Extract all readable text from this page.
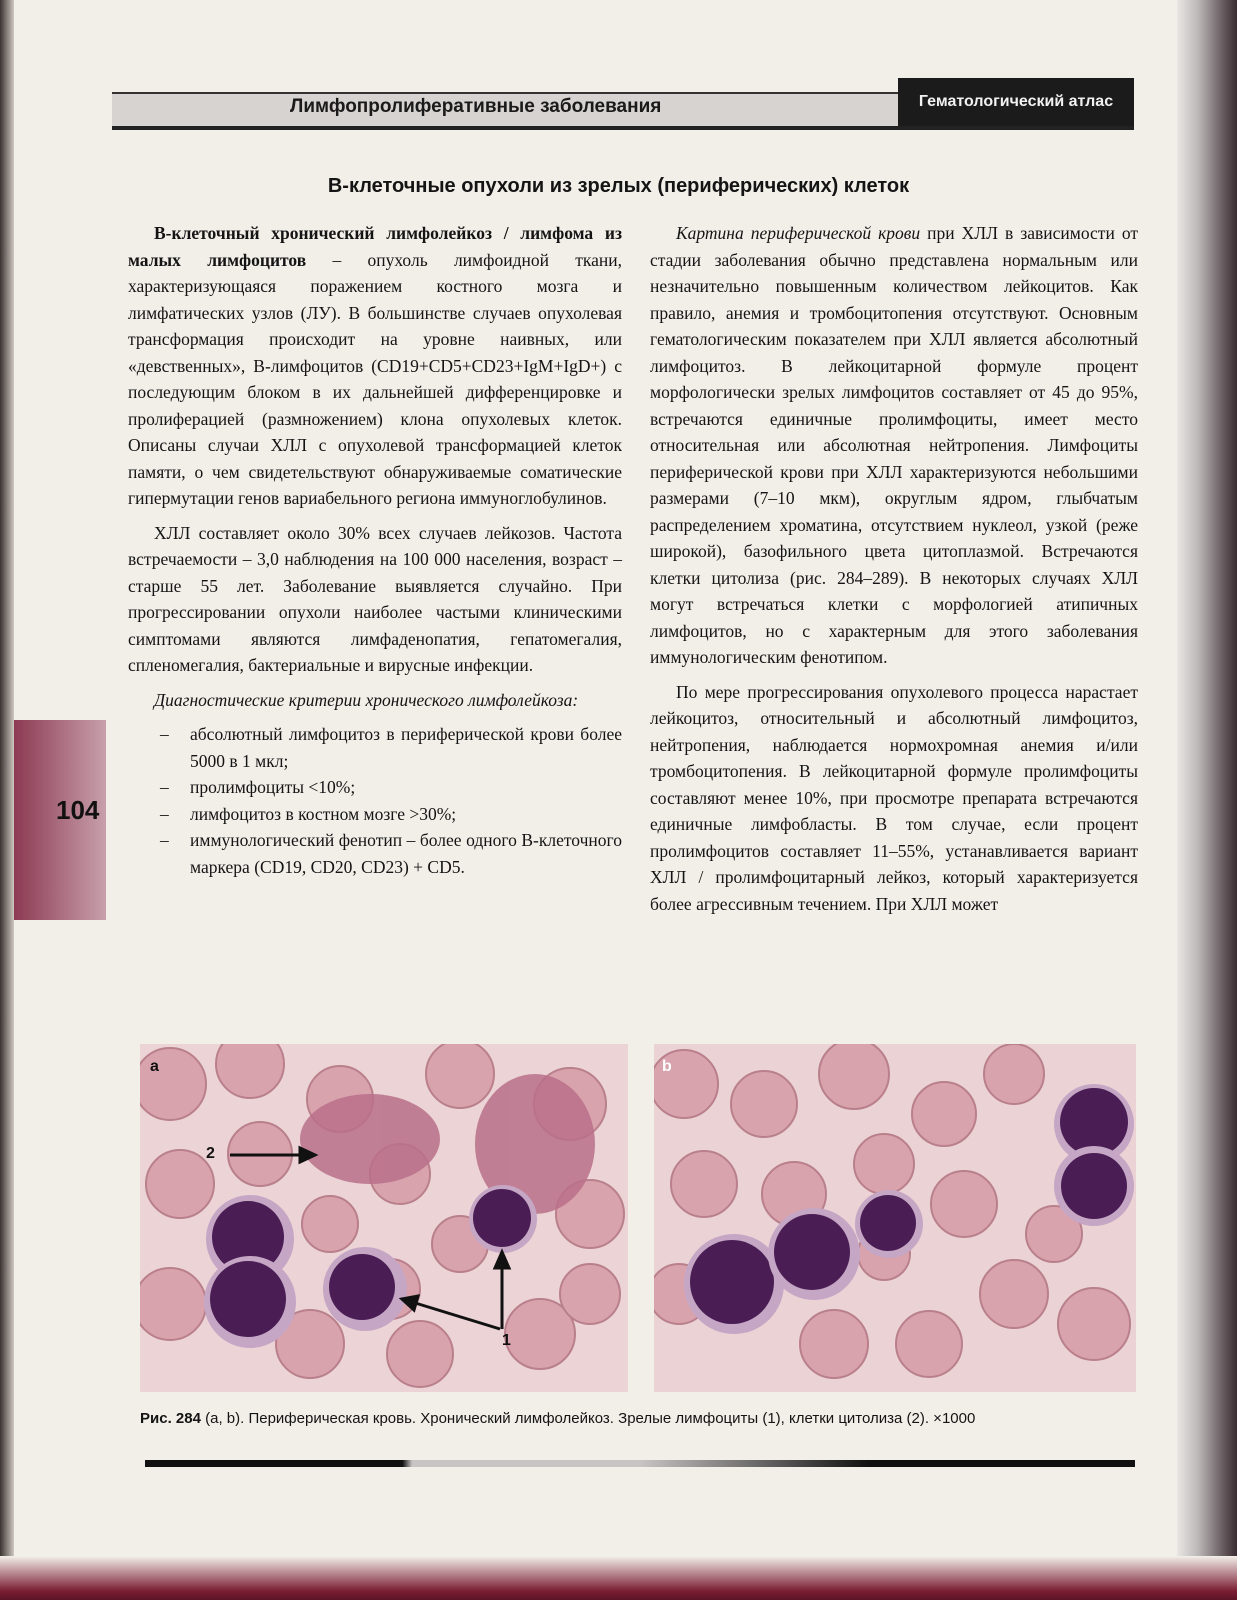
Лимфопролиферативные заболевания	Гематологический атлас
В-клеточные опухоли из зрелых (периферических) клеток

В-клеточный хронический лимфолейкоз / лимфома из малых лимфоцитов – опухоль лимфоидной ткани, характеризующаяся поражением костного мозга и лимфатических узлов (ЛУ). В большинстве случаев опухолевая трансформация происходит на уровне наивных, или «девственных», В-лимфоцитов (CD19+CD5+CD23+IgM+IgD+) с последующим блоком в их дальнейшей дифференцировке и пролиферацией (размножением) клона опухолевых клеток. Описаны случаи ХЛЛ с опухолевой трансформацией клеток памяти, о чем свидетельствуют обнаруживаемые соматические гипермутации генов вариабельного региона иммуноглобулинов.

ХЛЛ составляет около 30% всех случаев лейкозов. Частота встречаемости – 3,0 наблюдения на 100 000 населения, возраст – старше 55 лет. Заболевание выявляется случайно. При прогрессировании опухоли наиболее частыми клиническими симптомами являются лимфаденопатия, гепатомегалия, спленомегалия, бактериальные и вирусные инфекции.

Диагностические критерии хронического лимфолейкоза:

– абсолютный лимфоцитоз в периферической крови более 5000 в 1 мкл;
– пролимфоциты <10%;
– лимфоцитоз в костном мозге >30%;
– иммунологический фенотип – более одного В-клеточного маркера (CD19, CD20, CD23) + CD5.

Картина периферической крови при ХЛЛ в зависимости от стадии заболевания обычно представлена нормальным или незначительно повышенным количеством лейкоцитов. Как правило, анемия и тромбоцитопения отсутствуют. Основным гематологическим показателем при ХЛЛ является абсолютный лимфоцитоз. В лейкоцитарной формуле процент морфологически зрелых лимфоцитов составляет от 45 до 95%, встречаются единичные пролимфоциты, имеет место относительная или абсолютная нейтропения. Лимфоциты периферической крови при ХЛЛ характеризуются небольшими размерами (7–10 мкм), округлым ядром, глыбчатым распределением хроматина, отсутствием нуклеол, узкой (реже широкой), базофильного цвета цитоплазмой. Встречаются клетки цитолиза (рис. 284–289). В некоторых случаях ХЛЛ могут встречаться клетки с морфологией атипичных лимфоцитов, но с характерным для этого заболевания иммунологическим фенотипом.

По мере прогрессирования опухолевого процесса нарастает лейкоцитоз, относительный и абсолютный лимфоцитоз, нейтропения, наблюдается нормохромная анемия и/или тромбоцитопения. В лейкоцитарной формуле пролимфоциты составляют менее 10%, при просмотре препарата встречаются единичные лимфобласты. В том случае, если процент пролимфоцитов составляет 11–55%, устанавливается вариант ХЛЛ / пролимфоцитарный лейкоз, который характеризуется более агрессивным течением. При ХЛЛ может

104
a
2
1
b
Рис. 284 (a, b). Периферическая кровь. Хронический лимфолейкоз. Зрелые лимфоциты (1), клетки цитолиза (2). ×1000
